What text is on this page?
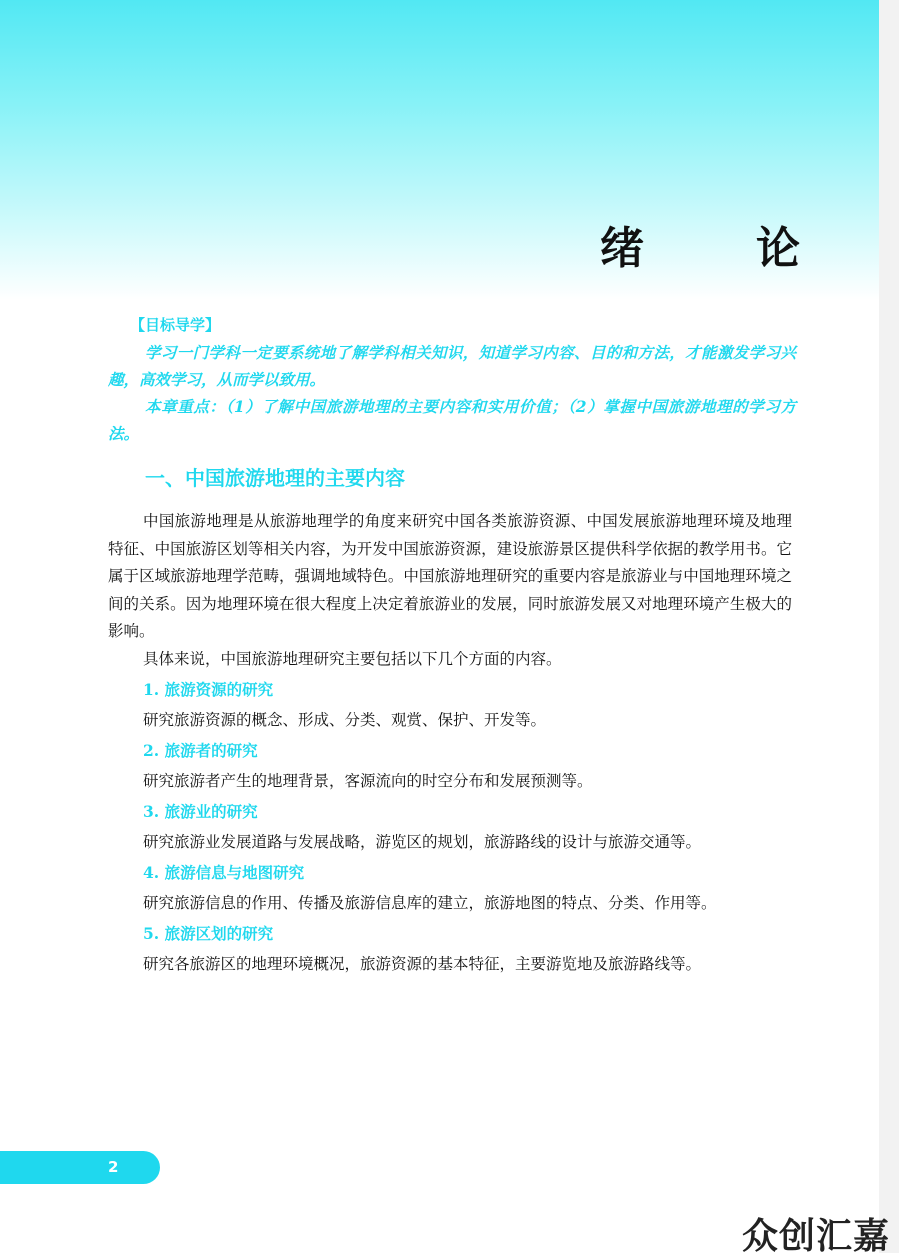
绪	论
【目标导学】

学习一门学科一定要系统地了解学科相关知识，知道学习内容、目的和方法，才能激发学习兴趣，高效学习，从而学以致用。

本章重点：（1）了解中国旅游地理的主要内容和实用价值；（2）掌握中国旅游地理的学习方法。

一、中国旅游地理的主要内容

中国旅游地理是从旅游地理学的角度来研究中国各类旅游资源、中国发展旅游地理环境及地理特征、中国旅游区划等相关内容，为开发中国旅游资源，建设旅游景区提供科学依据的教学用书。它属于区域旅游地理学范畴，强调地域特色。中国旅游地理研究的重要内容是旅游业与中国地理环境之间的关系。因为地理环境在很大程度上决定着旅游业的发展，同时旅游发展又对地理环境产生极大的影响。

具体来说，中国旅游地理研究主要包括以下几个方面的内容。

1. 旅游资源的研究

研究旅游资源的概念、形成、分类、观赏、保护、开发等。

2. 旅游者的研究

研究旅游者产生的地理背景，客源流向的时空分布和发展预测等。

3. 旅游业的研究

研究旅游业发展道路与发展战略，游览区的规划，旅游路线的设计与旅游交通等。

4. 旅游信息与地图研究

研究旅游信息的作用、传播及旅游信息库的建立，旅游地图的特点、分类、作用等。

5. 旅游区划的研究

研究各旅游区的地理环境概况，旅游资源的基本特征，主要游览地及旅游路线等。

2
众创汇嘉
